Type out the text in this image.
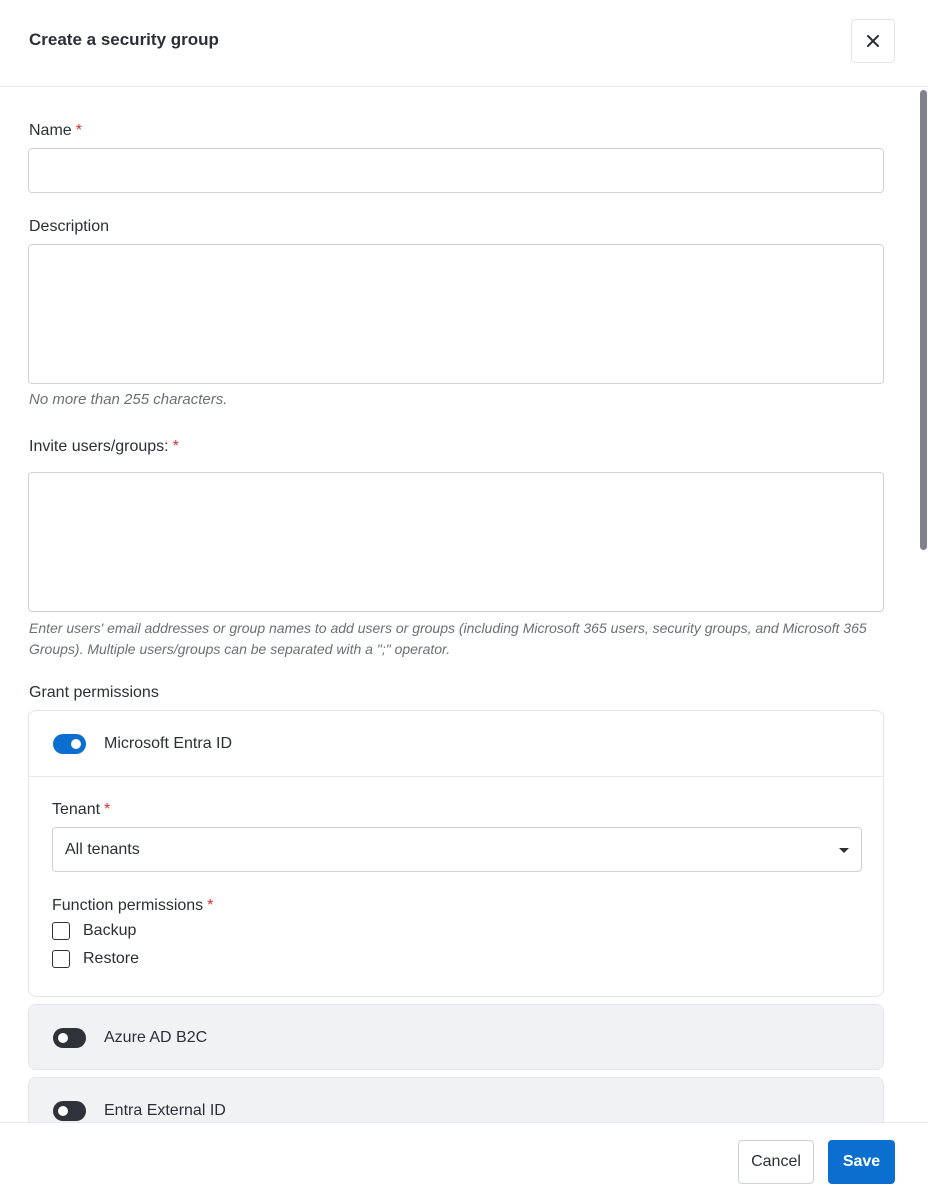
Create a security group
Name *
Description
No more than 255 characters.
Invite users/groups: *
Enter users' email addresses or group names to add users or groups (including Microsoft 365 users, security groups, and Microsoft 365 Groups). Multiple users/groups can be separated with a ";" operator.
Grant permissions
Microsoft Entra ID
Tenant *
All tenants
Function permissions *
Backup
Restore
Azure AD B2C
Entra External ID
Cancel	Save
